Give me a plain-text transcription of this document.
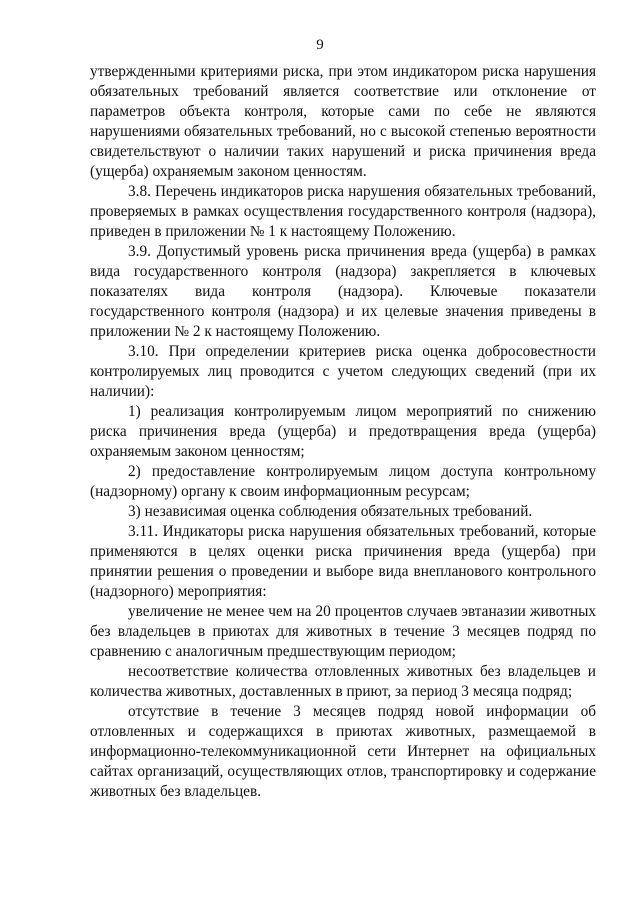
9

утвержденными критериями риска, при этом индикатором риска нарушения обязательных требований является соответствие или отклонение от параметров объекта контроля, которые сами по себе не являются нарушениями обязательных требований, но с высокой степенью вероятности свидетельствуют о наличии таких нарушений и риска причинения вреда (ущерба) охраняемым законом ценностям.

3.8. Перечень индикаторов риска нарушения обязательных требований, проверяемых в рамках осуществления государственного контроля (надзора), приведен в приложении № 1 к настоящему Положению.

3.9. Допустимый уровень риска причинения вреда (ущерба) в рамках вида государственного контроля (надзора) закрепляется в ключевых показателях вида контроля (надзора). Ключевые показатели государственного контроля (надзора) и их целевые значения приведены в приложении № 2 к настоящему Положению.

3.10. При определении критериев риска оценка добросовестности контролируемых лиц проводится с учетом следующих сведений (при их наличии):

1) реализация контролируемым лицом мероприятий по снижению риска причинения вреда (ущерба) и предотвращения вреда (ущерба) охраняемым законом ценностям;

2) предоставление контролируемым лицом доступа контрольному (надзорному) органу к своим информационным ресурсам;

3) независимая оценка соблюдения обязательных требований.

3.11. Индикаторы риска нарушения обязательных требований, которые применяются в целях оценки риска причинения вреда (ущерба) при принятии решения о проведении и выборе вида внепланового контрольного (надзорного) мероприятия:

увеличение не менее чем на 20 процентов случаев эвтаназии животных без владельцев в приютах для животных в течение 3 месяцев подряд по сравнению с аналогичным предшествующим периодом;

несоответствие количества отловленных животных без владельцев и количества животных, доставленных в приют, за период 3 месяца подряд;

отсутствие в течение 3 месяцев подряд новой информации об отловленных и содержащихся в приютах животных, размещаемой в информационно-телекоммуникационной сети Интернет на официальных сайтах организаций, осуществляющих отлов, транспортировку и содержание животных без владельцев.
